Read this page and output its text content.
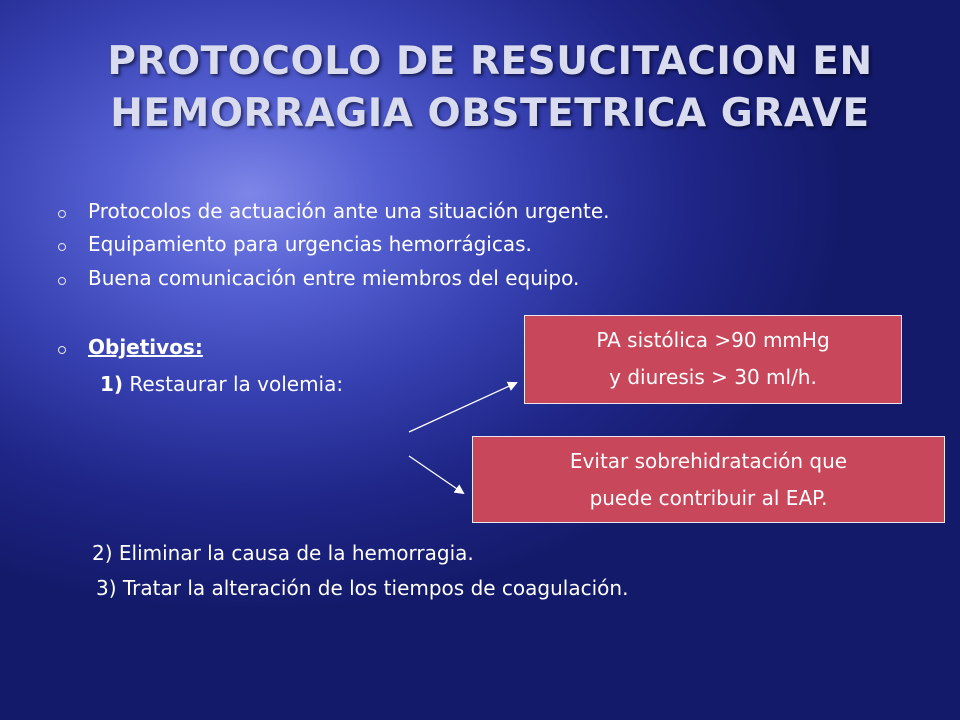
PROTOCOLO DE RESUCITACION EN
HEMORRAGIA OBSTETRICA GRAVE
Protocolos de actuación ante una situación urgente.
Equipamiento para urgencias hemorrágicas.
Buena comunicación entre miembros del equipo.
Objetivos:
1) Restaurar la volemia:
PA sistólica >90 mmHg
y diuresis > 30 ml/h.
Evitar sobrehidratación que
puede contribuir al EAP.
2) Eliminar la causa de la hemorragia.
3) Tratar la alteración de los tiempos de coagulación.
